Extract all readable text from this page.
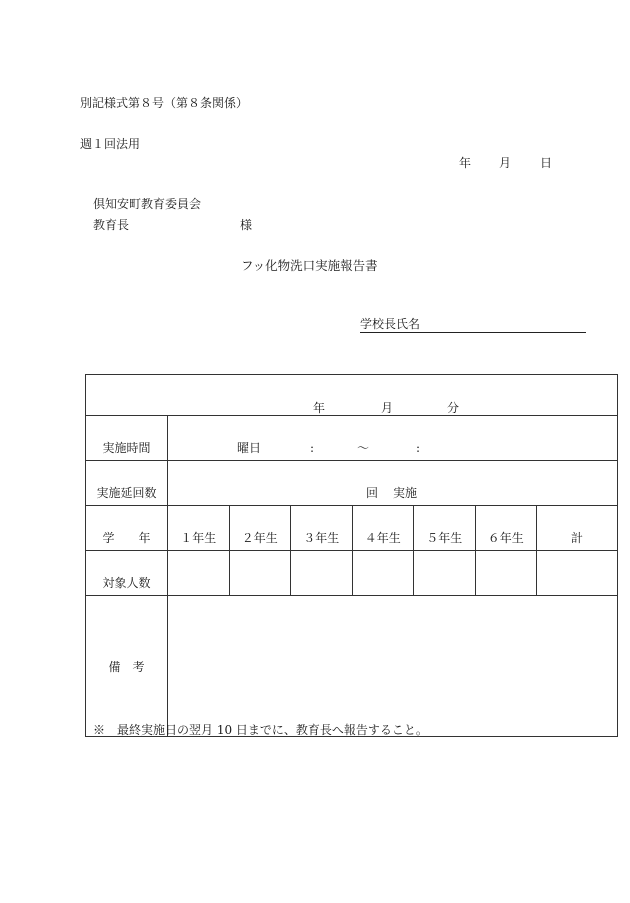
別記様式第８号（第８条関係）
週１回法用
年 月 日
倶知安町教育委員会
教育長	様
フッ化物洗口実施報告書
学校長氏名
年 月 分							

実施時間	曜日 : ～ :						

実施延回数	回 実施						

学　　年	１年生	２年生	３年生	４年生	５年生	６年生	計
対象人数							
備　考							
※　最終実施日の翌月 10 日までに、教育長へ報告すること。
